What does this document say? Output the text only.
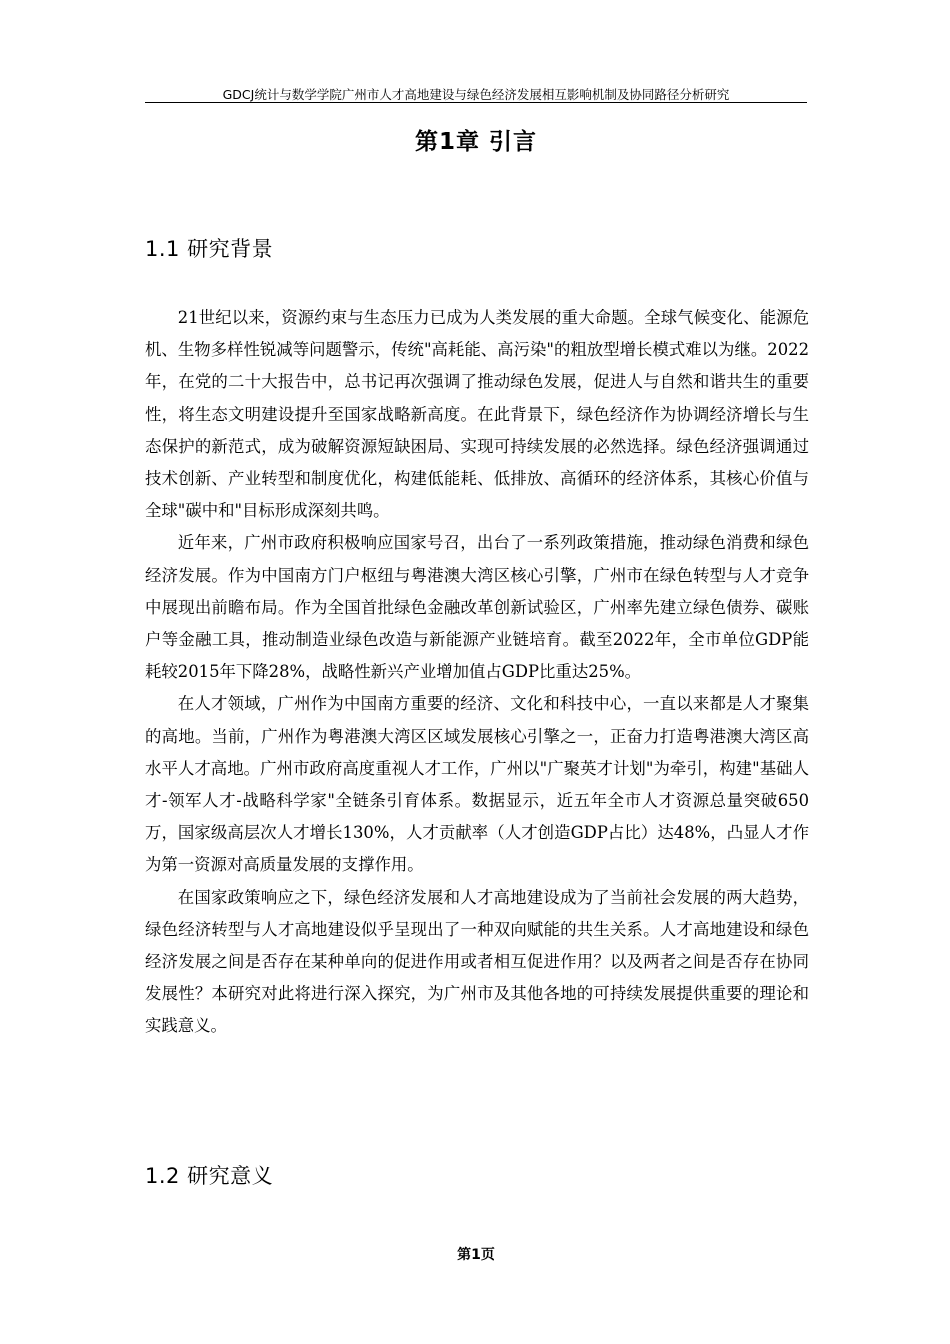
GDCJ统计与数学学院广州市人才高地建设与绿色经济发展相互影响机制及协同路径分析研究
第1章 引言
1.1 研究背景

21世纪以来，资源约束与生态压力已成为人类发展的重大命题。全球气候变化、能源危机、生物多样性锐减等问题警示，传统"高耗能、高污染"的粗放型增长模式难以为继。2022年，在党的二十大报告中，总书记再次强调了推动绿色发展，促进人与自然和谐共生的重要性，将生态文明建设提升至国家战略新高度。在此背景下，绿色经济作为协调经济增长与生态保护的新范式，成为破解资源短缺困局、实现可持续发展的必然选择。绿色经济强调通过技术创新、产业转型和制度优化，构建低能耗、低排放、高循环的经济体系，其核心价值与全球"碳中和"目标形成深刻共鸣。

近年来，广州市政府积极响应国家号召，出台了一系列政策措施，推动绿色消费和绿色经济发展。作为中国南方门户枢纽与粤港澳大湾区核心引擎，广州市在绿色转型与人才竞争中展现出前瞻布局。作为全国首批绿色金融改革创新试验区，广州率先建立绿色债券、碳账户等金融工具，推动制造业绿色改造与新能源产业链培育。截至2022年，全市单位GDP能耗较2015年下降28%，战略性新兴产业增加值占GDP比重达25%。

在人才领域，广州作为中国南方重要的经济、文化和科技中心，一直以来都是人才聚集的高地。当前，广州作为粤港澳大湾区区域发展核心引擎之一，正奋力打造粤港澳大湾区高水平人才高地。广州市政府高度重视人才工作，广州以"广聚英才计划"为牵引，构建"基础人才-领军人才-战略科学家"全链条引育体系。数据显示，近五年全市人才资源总量突破650万，国家级高层次人才增长130%，人才贡献率（人才创造GDP占比）达48%，凸显人才作为第一资源对高质量发展的支撑作用。

在国家政策响应之下，绿色经济发展和人才高地建设成为了当前社会发展的两大趋势，绿色经济转型与人才高地建设似乎呈现出了一种双向赋能的共生关系。人才高地建设和绿色经济发展之间是否存在某种单向的促进作用或者相互促进作用？以及两者之间是否存在协同发展性？本研究对此将进行深入探究，为广州市及其他各地的可持续发展提供重要的理论和实践意义。

1.2 研究意义
第1页
